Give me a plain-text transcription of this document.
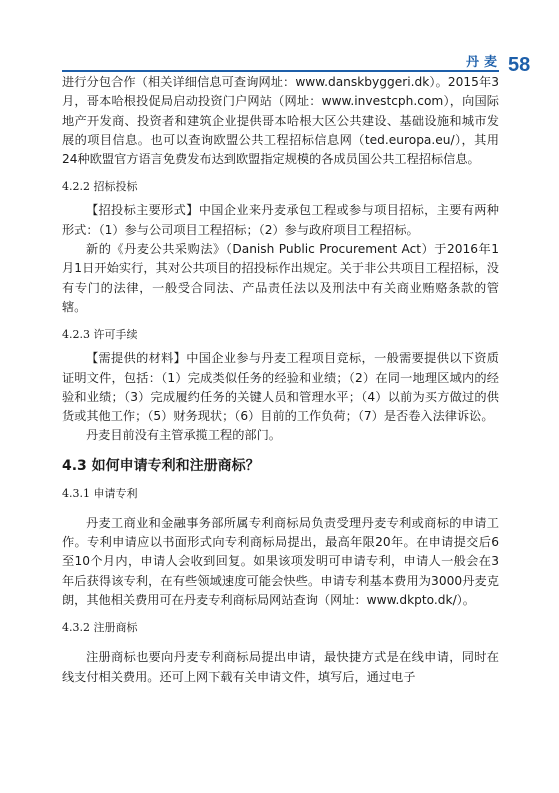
丹麦 58

进行分包合作（相关详细信息可查询网址：www.danskbyggeri.dk）。2015年3月，哥本哈根投促局启动投资门户网站（网址：www.investcph.com），向国际地产开发商、投资者和建筑企业提供哥本哈根大区公共建设、基础设施和城市发展的项目信息。也可以查询欧盟公共工程招标信息网（ted.europa.eu/），其用24种欧盟官方语言免费发布达到欧盟指定规模的各成员国公共工程招标信息。

4.2.2 招标投标

【招投标主要形式】中国企业来丹麦承包工程或参与项目招标，主要有两种形式：（1）参与公司项目工程招标；（2）参与政府项目工程招标。

新的《丹麦公共采购法》（Danish Public Procurement Act）于2016年1月1日开始实行，其对公共项目的招投标作出规定。关于非公共项目工程招标，没有专门的法律，一般受合同法、产品责任法以及刑法中有关商业贿赂条款的管辖。

4.2.3 许可手续

【需提供的材料】中国企业参与丹麦工程项目竞标，一般需要提供以下资质证明文件，包括：（1）完成类似任务的经验和业绩；（2）在同一地理区域内的经验和业绩；（3）完成履约任务的关键人员和管理水平；（4）以前为买方做过的供货或其他工作；（5）财务现状；（6）目前的工作负荷；（7）是否卷入法律诉讼。

丹麦目前没有主管承揽工程的部门。

4.3 如何申请专利和注册商标？
4.3.1 申请专利

丹麦工商业和金融事务部所属专利商标局负责受理丹麦专利或商标的申请工作。专利申请应以书面形式向专利商标局提出，最高年限20年。在申请提交后6至10个月内，申请人会收到回复。如果该项发明可申请专利，申请人一般会在3年后获得该专利，在有些领域速度可能会快些。申请专利基本费用为3000丹麦克朗，其他相关费用可在丹麦专利商标局网站查询（网址：www.dkpto.dk/）。

4.3.2 注册商标

注册商标也要向丹麦专利商标局提出申请，最快捷方式是在线申请，同时在线支付相关费用。还可上网下载有关申请文件，填写后，通过电子
